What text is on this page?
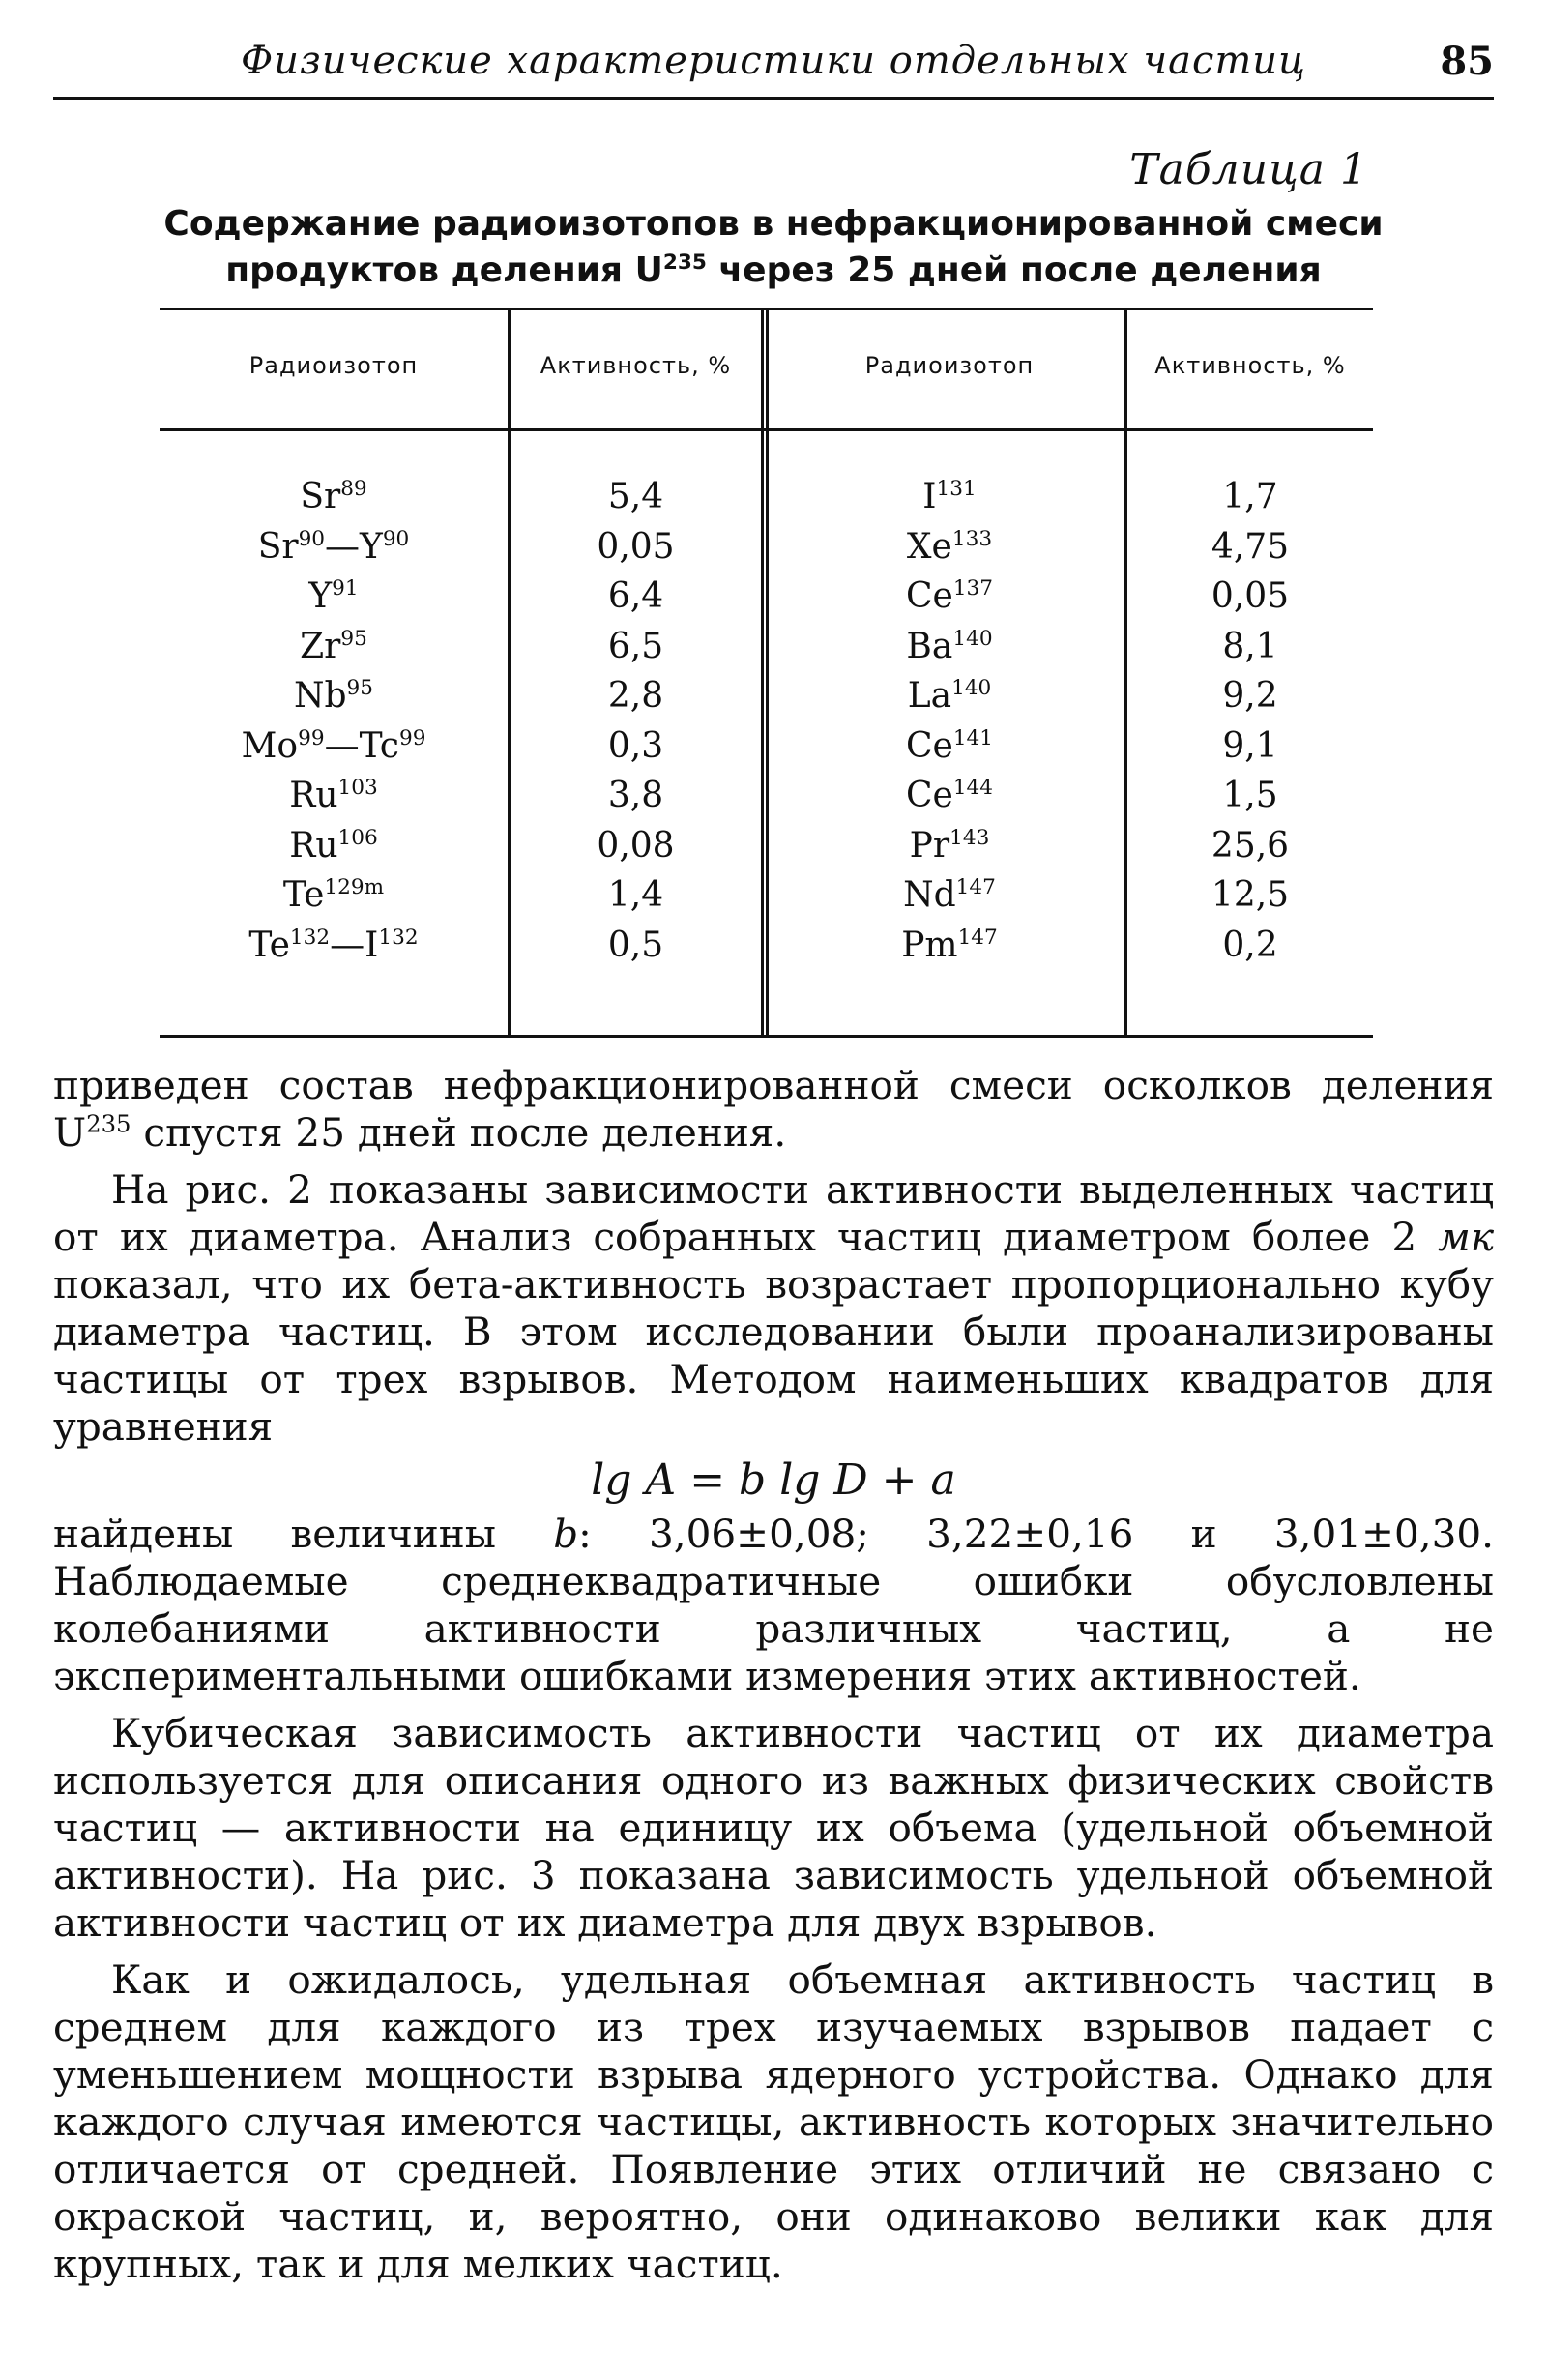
Физические характеристики отдельных частиц	85
Таблица 1
Содержание радиоизотопов в нефракционированной смеси
продуктов деления $U^{235}$ через 25 дней после деления
Радиоизотоп	Активность, %	Радиоизотоп	Активность, %
Sr$^{89}$	5,4	$I^{131}$	1,7
$Sr^{90}—Y^{90}$	0,05	Xe$^{133}$	4,75
$Y^{91}$	6,4	Ce$^{137}$	0,05
Zr$^{95}$	6,5	Ba$^{140}$	8,1
Nb$^{95}$	2,8	La$^{140}$	9,2
Mo$^{99}$—Tc$^{99}$	0,3	Ce$^{141}$	9,1
Ru$^{103}$	3,8	Ce$^{144}$	1,5
Ru$^{106}$	0,08	Pr$^{143}$	25,6
$Te^{129m}$	1,4	Nd$^{147}$	12,5
$Te^{132}—I^{132}$	0,5	Pm$^{147}$	0,2

приведен состав нефракционированной смеси осколков деления $U^{235}$ спустя 25 дней после деления.

На рис. 2 показаны зависимости активности выделенных частиц от их диаметра. Анализ собранных частиц диаметром более 2 мк показал, что их бета-активность возрастает пропорционально кубу диаметра частиц. В этом исследовании были проанализированы частицы от трех взрывов. Методом наименьших квадратов для уравнения

lg A = b lg D + a

найдены величины b: 3,06±0,08; 3,22±0,16 и 3,01±0,30. Наблюдаемые среднеквадратичные ошибки обусловлены колебаниями активности различных частиц, а не экспериментальными ошибками измерения этих активностей.

Кубическая зависимость активности частиц от их диаметра используется для описания одного из важных физических свойств частиц — активности на единицу их объема (удельной объемной активности). На рис. 3 показана зависимость удельной объемной активности частиц от их диаметра для двух взрывов.

Как и ожидалось, удельная объемная активность частиц в среднем для каждого из трех изучаемых взрывов падает с уменьшением мощности взрыва ядерного устройства. Однако для каждого случая имеются частицы, активность которых значительно отличается от средней. Появление этих отличий не связано с окраской частиц, и, вероятно, они одинаково велики как для крупных, так и для мелких частиц.
